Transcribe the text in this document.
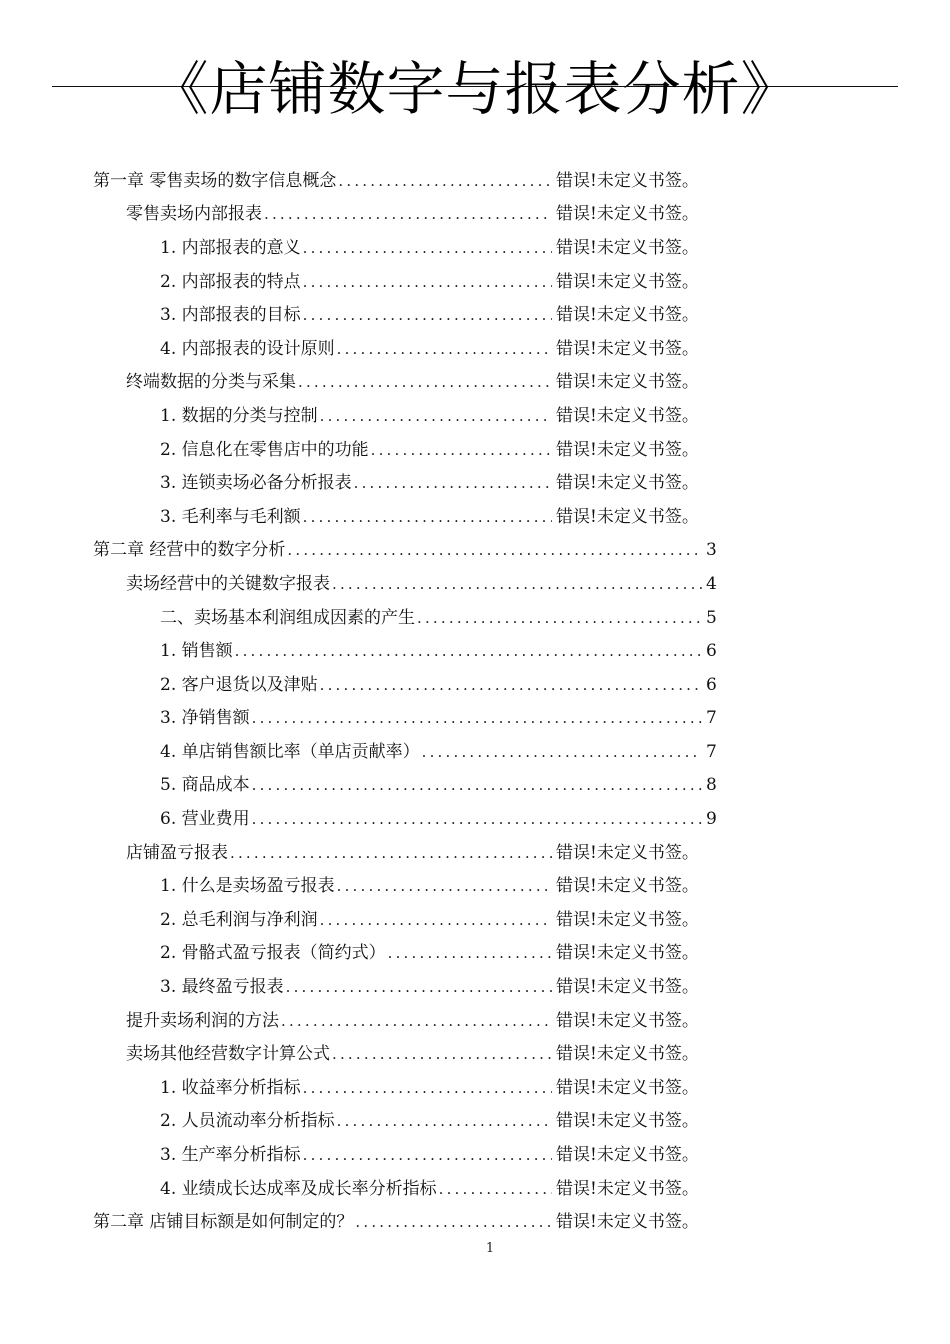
《店铺数字与报表分析》
第一章 零售卖场的数字信息概念 .....	错误!未定义书签。
零售卖场内部报表 .....	错误!未定义书签。
1. 内部报表的意义 .....	错误!未定义书签。
2. 内部报表的特点 .....	错误!未定义书签。
3. 内部报表的目标 .....	错误!未定义书签。
4. 内部报表的设计原则 .....	错误!未定义书签。
终端数据的分类与采集 .....	错误!未定义书签。
1. 数据的分类与控制 .....	错误!未定义书签。
2. 信息化在零售店中的功能 .....	错误!未定义书签。
3. 连锁卖场必备分析报表 .....	错误!未定义书签。
3. 毛利率与毛利额 .....	错误!未定义书签。
第二章 经营中的数字分析 .....	3
卖场经营中的关键数字报表 .....	4
二、卖场基本利润组成因素的产生 .....	5
1. 销售额 .....	6
2. 客户退货以及津贴 .....	6
3. 净销售额 .....	7
4. 单店销售额比率（单店贡献率） .....	7
5. 商品成本 .....	8
6. 营业费用 .....	9
店铺盈亏报表 .....	错误!未定义书签。
1. 什么是卖场盈亏报表 .....	错误!未定义书签。
2. 总毛利润与净利润 .....	错误!未定义书签。
2. 骨骼式盈亏报表（简约式） .....	错误!未定义书签。
3. 最终盈亏报表 .....	错误!未定义书签。
提升卖场利润的方法 .....	错误!未定义书签。
卖场其他经营数字计算公式 .....	错误!未定义书签。
1. 收益率分析指标 .....	错误!未定义书签。
2. 人员流动率分析指标 .....	错误!未定义书签。
3. 生产率分析指标 .....	错误!未定义书签。
4. 业绩成长达成率及成长率分析指标 .....	错误!未定义书签。
第二章 店铺目标额是如何制定的？ .....	错误!未定义书签。
1
